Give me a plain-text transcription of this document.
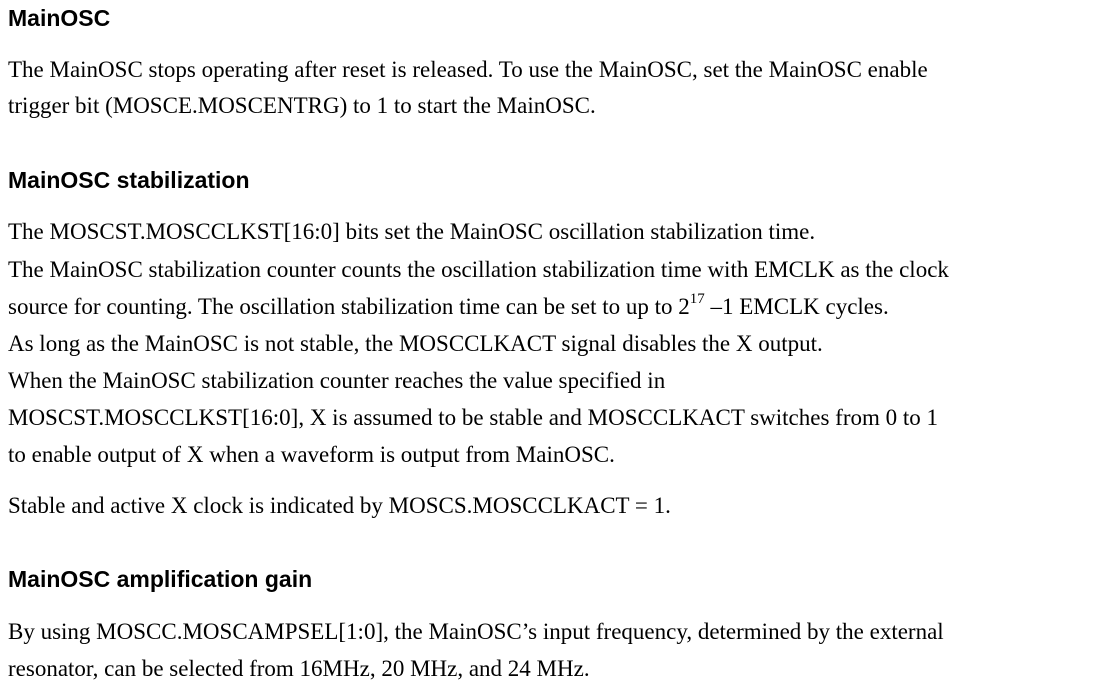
MainOSC

The MainOSC stops operating after reset is released. To use the MainOSC, set the MainOSC enable

trigger bit (MOSCE.MOSCENTRG) to 1 to start the MainOSC.

MainOSC stabilization

The MOSCST.MOSCCLKST[16:0] bits set the MainOSC oscillation stabilization time.

The MainOSC stabilization counter counts the oscillation stabilization time with EMCLK as the clock

source for counting. The oscillation stabilization time can be set to up to $2^{17}$ –1 EMCLK cycles.

As long as the MainOSC is not stable, the MOSCCLKACT signal disables the X output.

When the MainOSC stabilization counter reaches the value specified in

MOSCST.MOSCCLKST[16:0], X is assumed to be stable and MOSCCLKACT switches from 0 to 1

to enable output of X when a waveform is output from MainOSC.

Stable and active X clock is indicated by MOSCS.MOSCCLKACT = 1.

MainOSC amplification gain

By using MOSCC.MOSCAMPSEL[1:0], the MainOSC’s input frequency, determined by the external

resonator, can be selected from 16MHz, 20 MHz, and 24 MHz.
